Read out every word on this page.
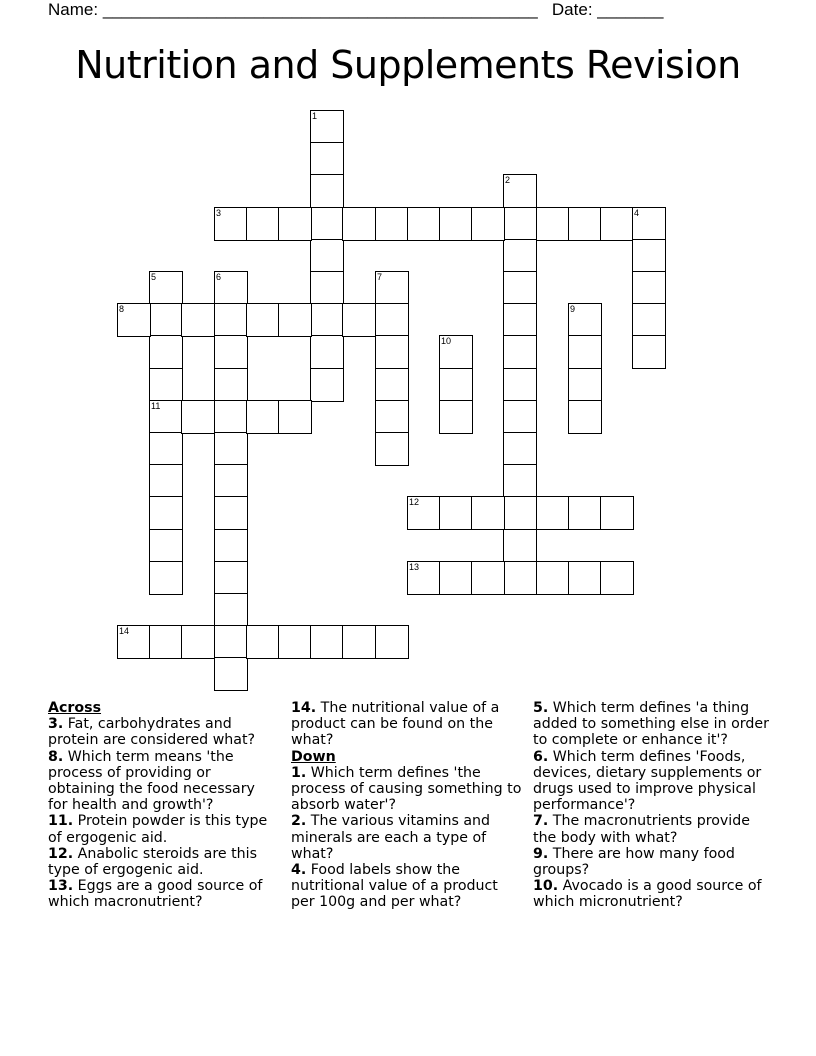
Name: ______________________________________________ Date: _______
Nutrition and Supplements Revision
1
2
3	4
5
11
6	7
8	9
10
12
13
14
Across
3. Fat, carbohydrates and protein are considered what?
8. Which term means 'the process of providing or obtaining the food necessary for health and growth'?
11. Protein powder is this type of ergogenic aid.
12. Anabolic steroids are this type of ergogenic aid.
13. Eggs are a good source of which macronutrient?
14. The nutritional value of a product can be found on the what?
Down
1. Which term defines 'the process of causing something to absorb water'?
2. The various vitamins and minerals are each a type of what?
4. Food labels show the nutritional value of a product per 100g and per what?
5. Which term defines 'a thing added to something else in order to complete or enhance it'?
6. Which term defines 'Foods, devices, dietary supplements or drugs used to improve physical performance'?
7. The macronutrients provide the body with what?
9. There are how many food groups?
10. Avocado is a good source of which micronutrient?
